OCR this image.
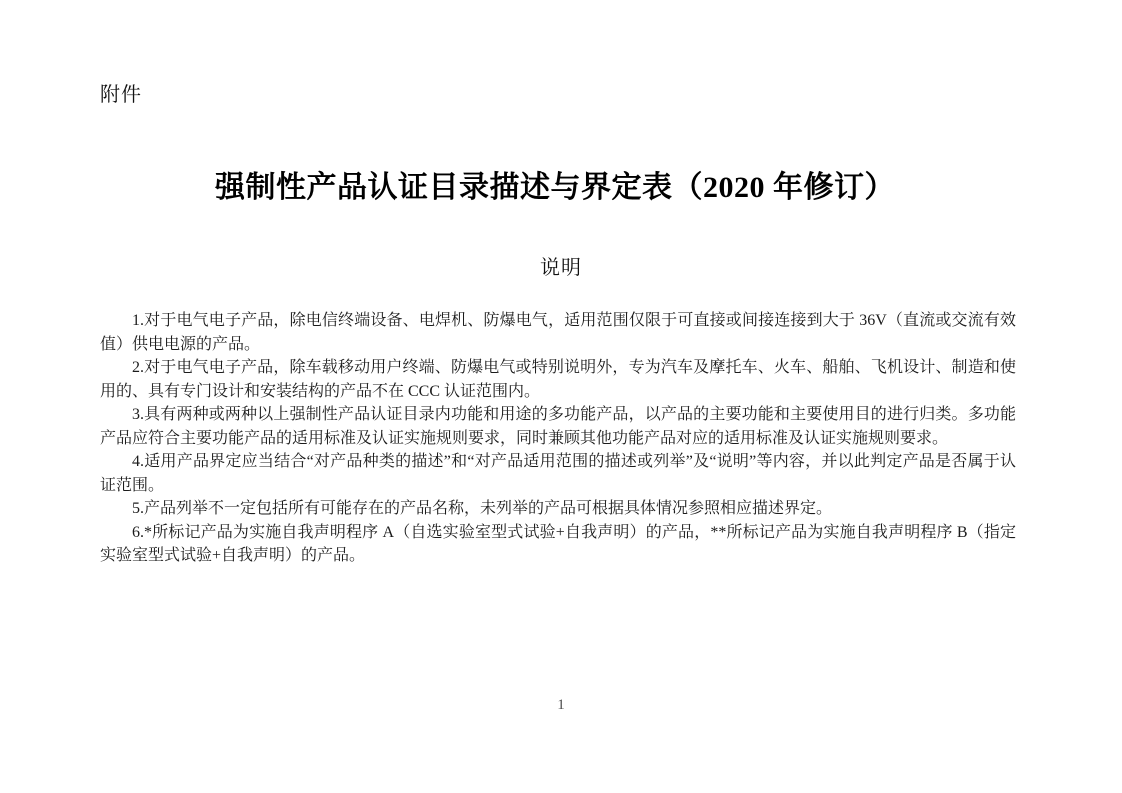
附件
强制性产品认证目录描述与界定表（2020 年修订）
说明

1.对于电气电子产品，除电信终端设备、电焊机、防爆电气，适用范围仅限于可直接或间接连接到大于 36V（直流或交流有效值）供电电源的产品。

2.对于电气电子产品，除车载移动用户终端、防爆电气或特别说明外，专为汽车及摩托车、火车、船舶、飞机设计、制造和使用的、具有专门设计和安装结构的产品不在 CCC 认证范围内。

3.具有两种或两种以上强制性产品认证目录内功能和用途的多功能产品，以产品的主要功能和主要使用目的进行归类。多功能产品应符合主要功能产品的适用标准及认证实施规则要求，同时兼顾其他功能产品对应的适用标准及认证实施规则要求。

4.适用产品界定应当结合“对产品种类的描述”和“对产品适用范围的描述或列举”及“说明”等内容，并以此判定产品是否属于认证范围。

5.产品列举不一定包括所有可能存在的产品名称，未列举的产品可根据具体情况参照相应描述界定。

6.*所标记产品为实施自我声明程序 A（自选实验室型式试验+自我声明）的产品，**所标记产品为实施自我声明程序 B（指定实验室型式试验+自我声明）的产品。

1
